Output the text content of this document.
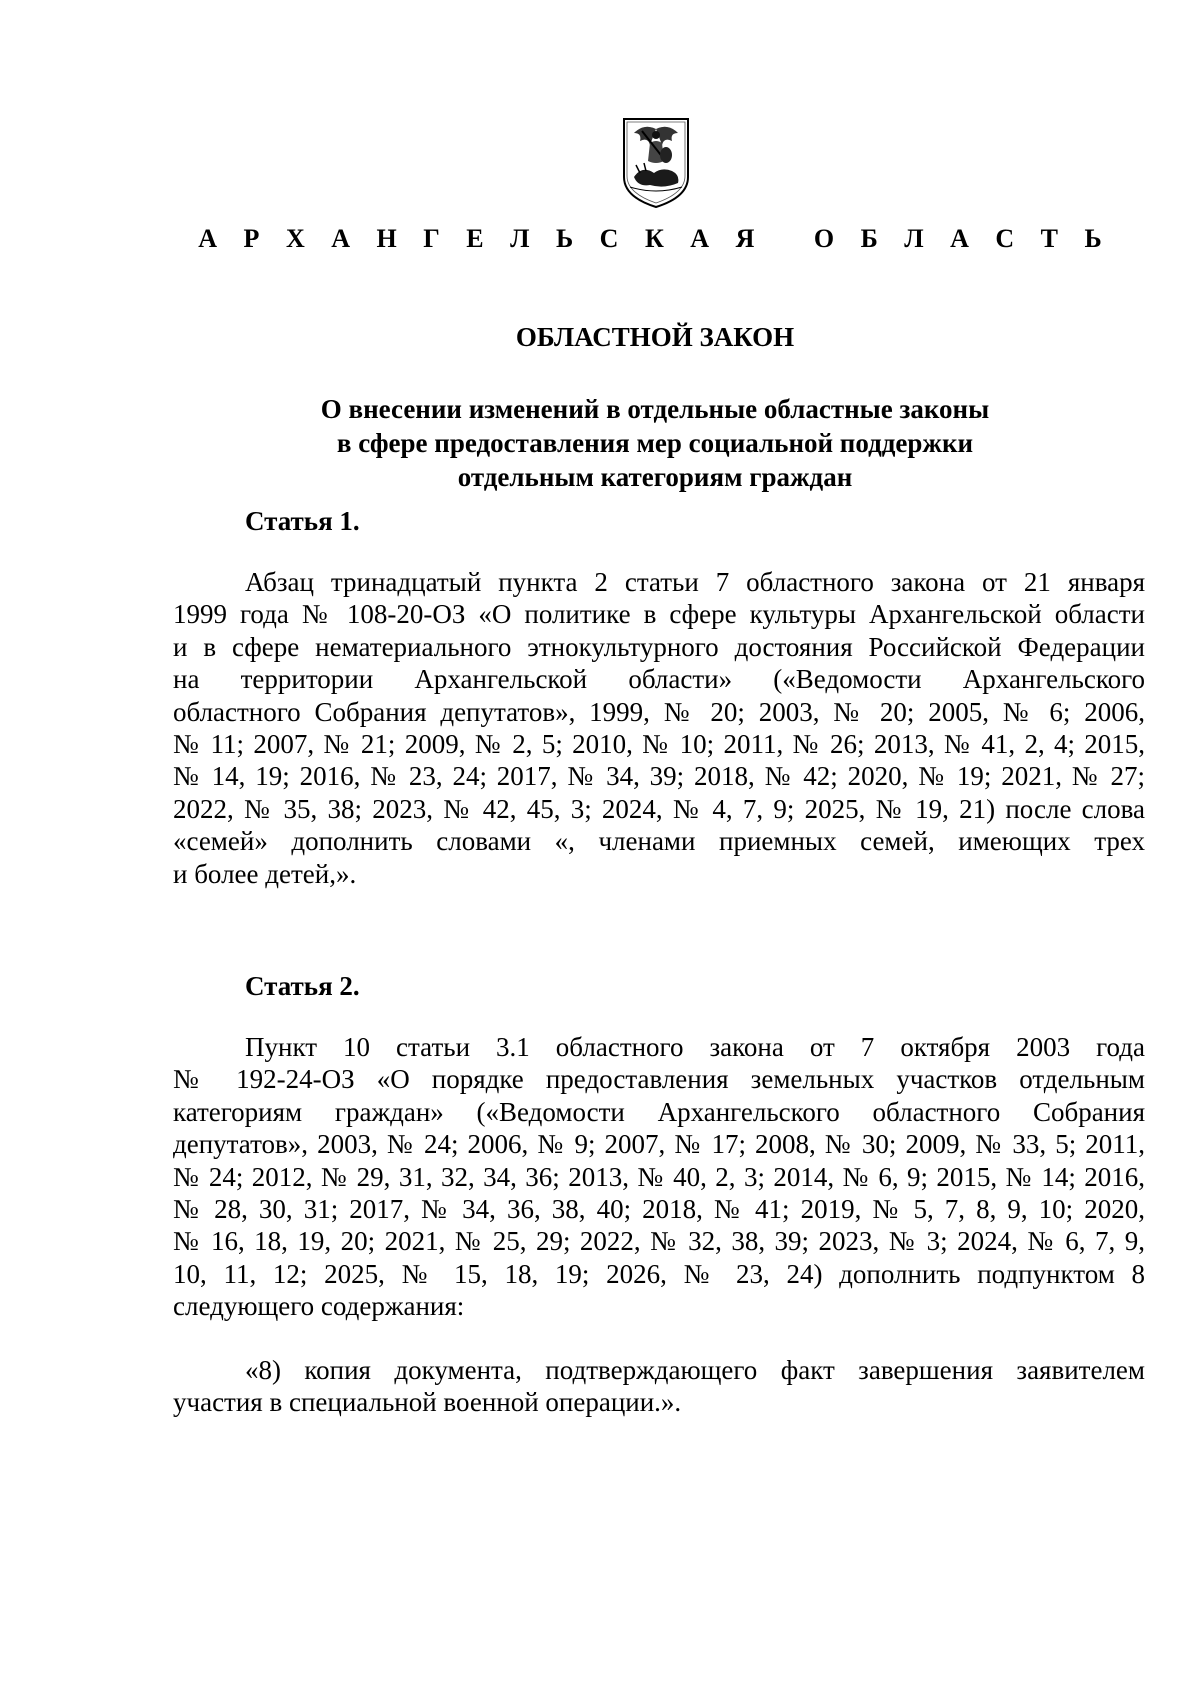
А Р Х А Н Г Е Л Ь С К А Я   О Б Л А С Т Ь
ОБЛАСТНОЙ ЗАКОН
О внесении изменений в отдельные областные законы
в сфере предоставления мер социальной поддержки
отдельным категориям граждан
Статья 1.
Абзац тринадцатый пункта 2 статьи 7 областного закона от 21 января
1999 года № 108-20-ОЗ «О политике в сфере культуры Архангельской области
и в сфере нематериального этнокультурного достояния Российской Федерации
на территории Архангельской области» («Ведомости Архангельского
областного Собрания депутатов», 1999, № 20; 2003, № 20; 2005, № 6; 2006,
№ 11; 2007, № 21; 2009, № 2, 5; 2010, № 10; 2011, № 26; 2013, № 41, 2, 4; 2015,
№ 14, 19; 2016, № 23, 24; 2017, № 34, 39; 2018, № 42; 2020, № 19; 2021, № 27;
2022, № 35, 38; 2023, № 42, 45, 3; 2024, № 4, 7, 9; 2025, № 19, 21) после слова
«семей» дополнить словами «, членами приемных семей, имеющих трех
и более детей,».
Статья 2.
Пункт 10 статьи 3.1 областного закона от 7 октября 2003 года
№ 192-24-ОЗ «О порядке предоставления земельных участков отдельным
категориям граждан» («Ведомости Архангельского областного Собрания
депутатов», 2003, № 24; 2006, № 9; 2007, № 17; 2008, № 30; 2009, № 33, 5; 2011,
№ 24; 2012, № 29, 31, 32, 34, 36; 2013, № 40, 2, 3; 2014, № 6, 9; 2015, № 14; 2016,
№ 28, 30, 31; 2017, № 34, 36, 38, 40; 2018, № 41; 2019, № 5, 7, 8, 9, 10; 2020,
№ 16, 18, 19, 20; 2021, № 25, 29; 2022, № 32, 38, 39; 2023, № 3; 2024, № 6, 7, 9,
10, 11, 12; 2025, № 15, 18, 19; 2026, № 23, 24) дополнить подпунктом 8
следующего содержания:
«8) копия документа, подтверждающего факт завершения заявителем
участия в специальной военной операции.».
